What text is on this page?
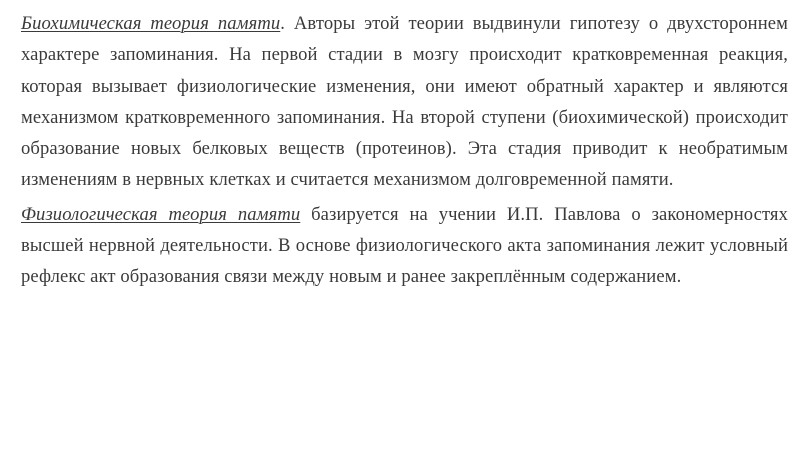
Биохимическая теория памяти. Авторы этой теории выдвинули гипотезу о двухстороннем характере запоминания. На первой стадии в мозгу происходит кратковременная реакция, которая вызывает физиологические изменения, они имеют обратный характер и являются механизмом кратковременного запоминания. На второй ступени (биохимической) происходит образование новых белковых веществ (протеинов). Эта стадия приводит к необратимым изменениям в нервных клетках и считается механизмом долговременной памяти.

Физиологическая теория памяти базируется на учении И.П. Павлова о закономерностях высшей нервной деятельности. В основе физиологического акта запоминания лежит условный рефлекс акт образования связи между новым и ранее закреплённым содержанием.
